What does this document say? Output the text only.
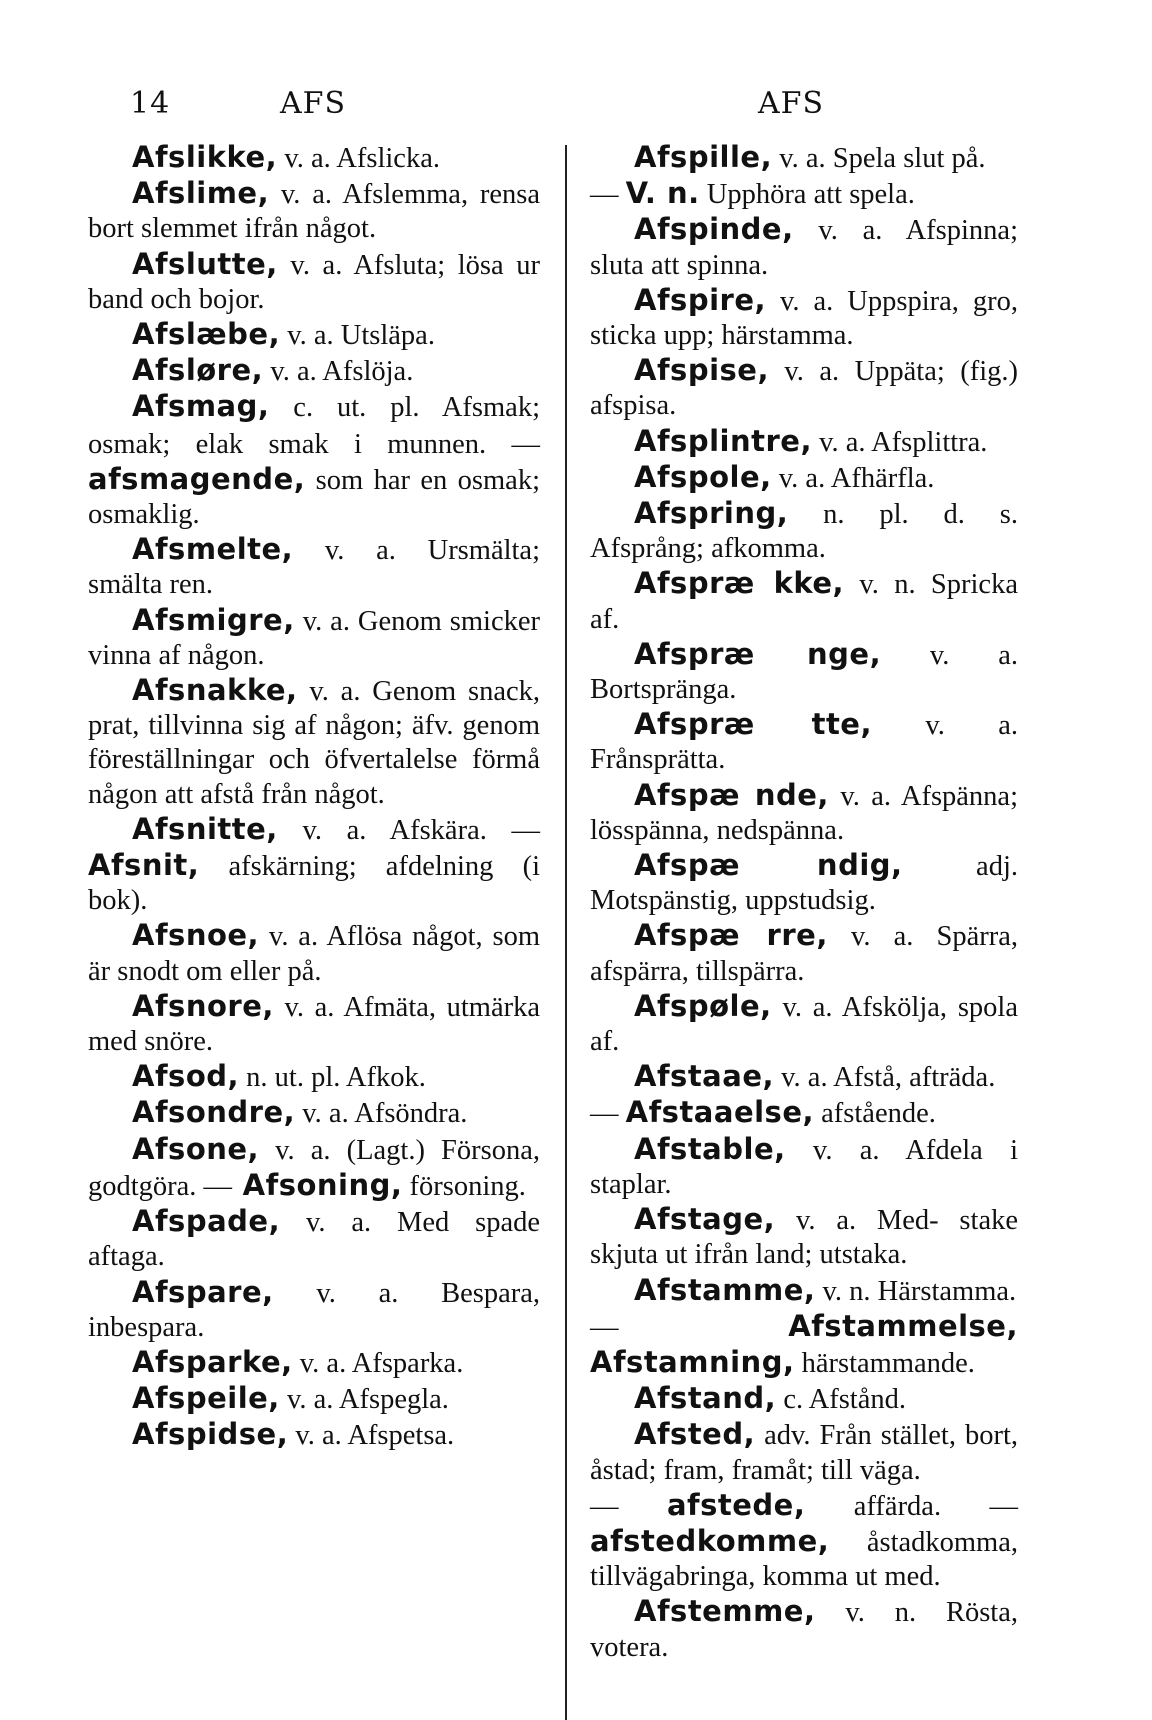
14	AFS	AFS

Afslikke, v. a. Afslicka.

Afslime, v. a. Afslemma, rensa bort slemmet ifrån något.

Afslutte, v. a. Afsluta; lösa ur band och bojor.

Afslæbe, v. a. Utsläpa.

Afsløre, v. a. Afslöja.

Afsmag, c. ut. pl. Afsmak; osmak; elak smak i munnen. — afsmagende, som har en osmak; osmaklig.

Afsmelte, v. a. Ursmälta; smälta ren.

Afsmigre, v. a. Genom smicker vinna af någon.

Afsnakke, v. a. Genom snack, prat, tillvinna sig af någon; äfv. genom föreställningar och öfvertalelse förmå någon att afstå från något.

Afsnitte, v. a. Afskära. — Afsnit, afskärning; afdelning (i bok).

Afsnoe, v. a. Aflösa något, som är snodt om eller på.

Afsnore, v. a. Afmäta, utmärka med snöre.

Afsod, n. ut. pl. Afkok.

Afsondre, v. a. Afsöndra.

Afsone, v. a. (Lagt.) Försona, godtgöra. — Afsoning, försoning.

Afspade, v. a. Med spade aftaga.

Afspare, v. a. Bespara, inbespara.

Afsparke, v. a. Afsparka.

Afspeile, v. a. Afspegla.

Afspidse, v. a. Afspetsa.

Afspille, v. a. Spela slut på.

— V. n. Upphöra att spela.

Afspinde, v. a. Afspinna; sluta att spinna.

Afspire, v. a. Uppspira, gro, sticka upp; härstamma.

Afspise, v. a. Uppäta; (fig.) afspisa.

Afsplintre, v. a. Afsplittra.

Afspole, v. a. Afhärfla.

Afspring, n. pl. d. s. Afsprång; afkomma.

Afspræ kke, v. n. Spricka af.

Afspræ nge, v. a. Bortspränga.

Afspræ tte, v. a. Frånsprätta.

Afspæ nde, v. a. Afspänna; lösspänna, nedspänna.

Afspæ ndig, adj. Motspänstig, uppstudsig.

Afspæ rre, v. a. Spärra, afspärra, tillspärra.

Afspøle, v. a. Afskölja, spola af.

Afstaae, v. a. Afstå, afträda.

— Afstaaelse, afstående.

Afstable, v. a. Afdela i staplar.

Afstage, v. a. Med- stake skjuta ut ifrån land; utstaka.

Afstamme, v. n. Härstamma.

— Afstammelse, Afstamning, härstammande.

Afstand, c. Afstånd.

Afsted, adv. Från stället, bort, åstad; fram, framåt; till väga.

— afstede, affärda. — afstedkomme, åstadkomma, tillvägabringa, komma ut med.

Afstemme, v. n. Rösta, votera.
